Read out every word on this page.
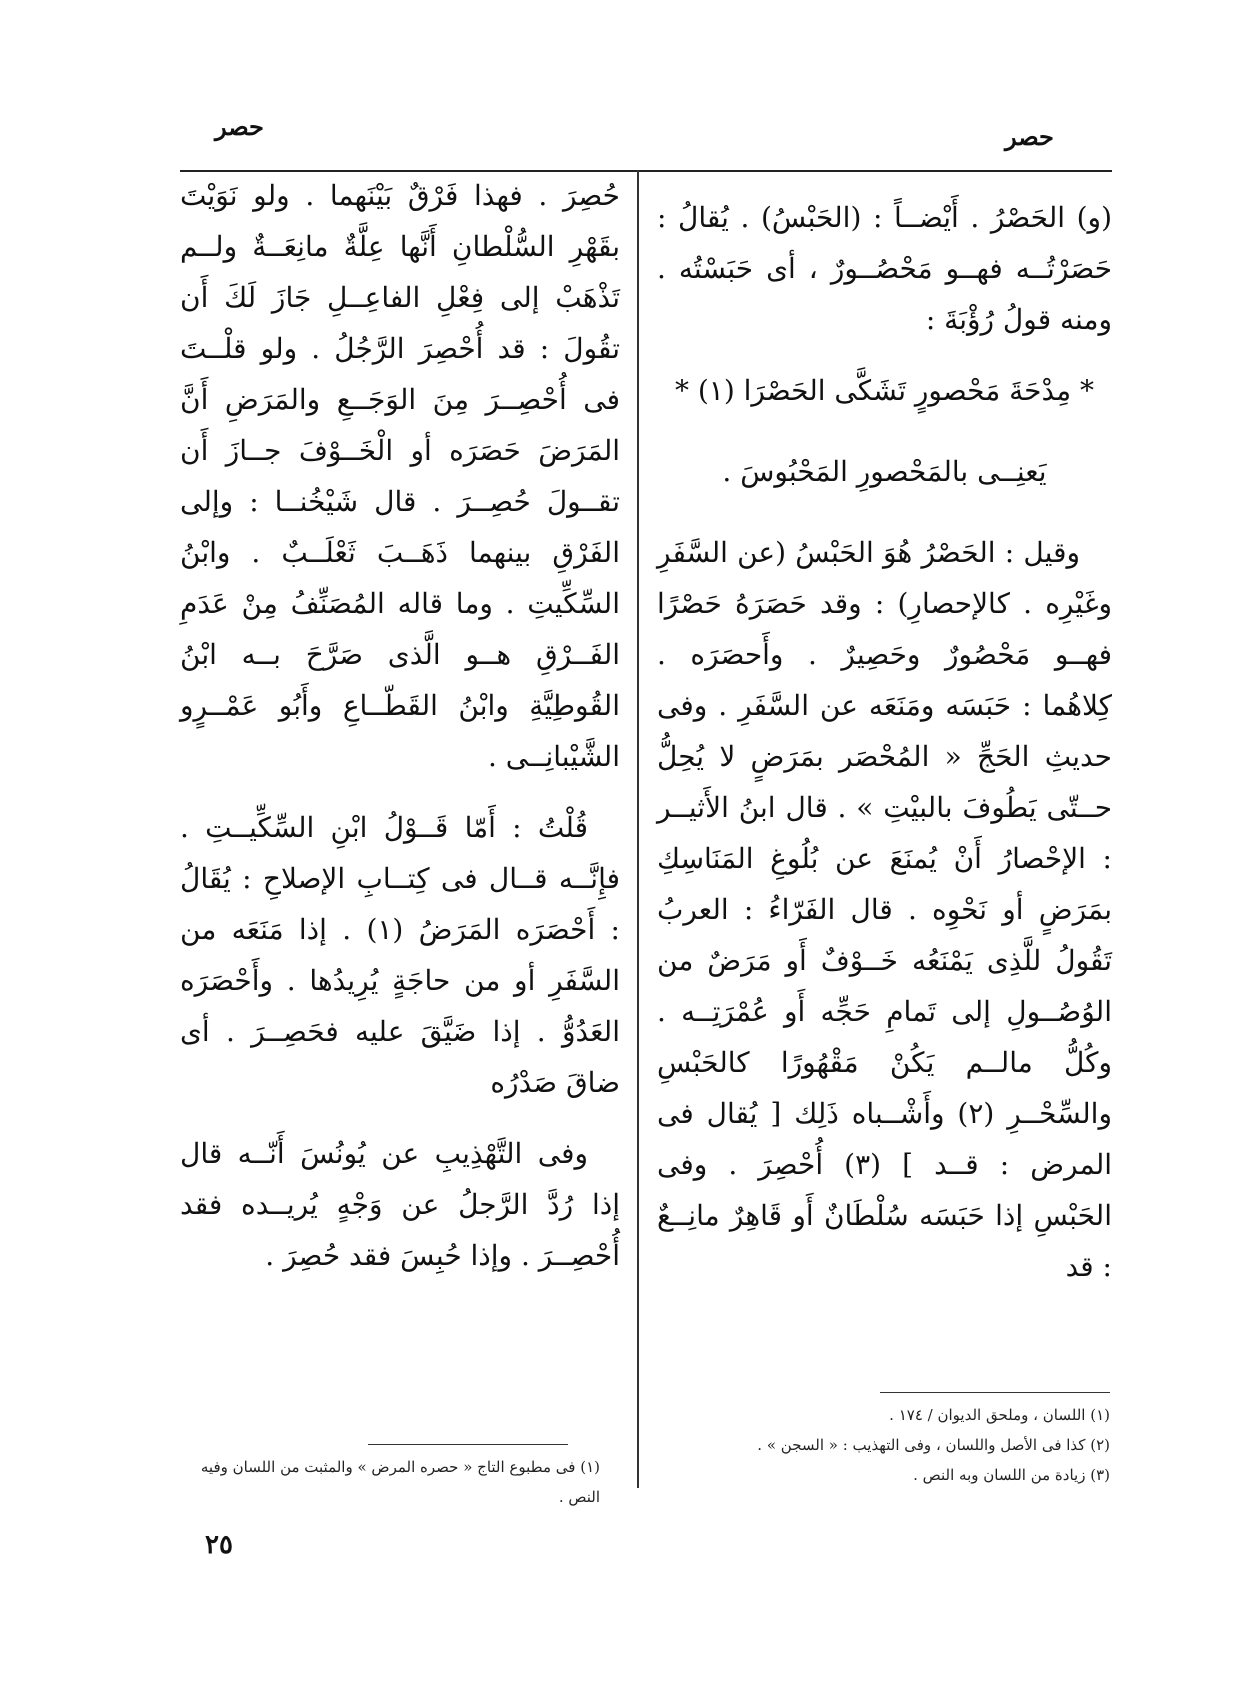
حصر
حصر

(و) الحَصْرُ . أَيْضــاً : (الحَبْسُ) . يُقالُ : حَصَرْتُــه فهــو مَحْصُــورٌ ، أى حَبَسْتُه . ومنه قولُ رُؤْبَةَ :

* مِدْحَةَ مَحْصورٍ تَشَكَّى الحَصْرَا (١) *
يَعنِــى بالمَحْصورِ المَحْبُوسَ .

وقيل : الحَصْرُ هُوَ الحَبْسُ (عن السَّفَرِ وغَيْرِه . كالإحصارِ) : وقد حَصَرَهُ حَصْرًا فهــو مَحْصُورٌ وحَصِيرٌ . وأَحصَرَه . كِلاهُما : حَبَسَه ومَنَعَه عن السَّفَرِ . وفى حديثِ الحَجِّ « المُحْصَر بمَرَضٍ لا يُحِلُّ حــتّى يَطُوفَ بالبيْتِ » . قال ابنُ الأَثيــر : الإحْصارُ أَنْ يُمنَعَ عن بُلُوغِ المَنَاسِكِ بمَرَضٍ أو نَحْوِه . قال الفَرّاءُ : العربُ تَقُولُ للَّذِى يَمْنَعُه خَــوْفٌ أَو مَرَضٌ من الوُصُــولِ إلى تَمامِ حَجِّه أَو عُمْرَتِــه . وكُلُّ مالــم يَكُنْ مَقْهُورًا كالحَبْسِ والسِّحْــرِ (٢) وأَشْــباه ذَلِك [ يُقال فى المرض : قــد ] (٣) أُحْصِرَ . وفى الحَبْسِ إذا حَبَسَه سُلْطَانٌ أَو قَاهِرٌ مانِــعٌ : قد

حُصِرَ . فهذا فَرْقٌ بَيْنَهما . ولو نَوَيْتَ بقَهْرِ السُّلْطانِ أَنَّها عِلَّةٌ مانِعَــةٌ ولــم تَذْهَبْ إلى فِعْلِ الفاعِــلِ جَازَ لَكَ أَن تقُولَ : قد أُحْصِرَ الرَّجُلُ . ولو قلْــتَ فى أُحْصِــرَ مِنَ الوَجَــعِ والمَرَضِ أَنَّ المَرَضَ حَصَرَه أو الْخَــوْفَ جــازَ أَن تقــولَ حُصِــرَ . قال شَيْخُنــا : وإلى الفَرْقِ بينهما ذَهَــبَ ثَعْلَــبٌ . وابْنُ السِّكِّيتِ . وما قاله المُصَنِّفُ مِنْ عَدَمِ الفَــرْقِ هــو الَّذى صَرَّحَ بــه ابْنُ القُوطِيَّةِ وابْنُ القَطّــاعِ وأَبُو عَمْــرٍو الشَّيْبانِــى .

قُلْتُ : أَمّا قَــوْلُ ابْنِ السِّكِّيــتِ . فإِنَّــه قــال فى كِتــابِ الإصلاحِ : يُقَالُ : أَحْصَرَه المَرَضُ (١) . إذا مَنَعَه من السَّفَرِ أو من حاجَةٍ يُرِيدُها . وأَحْصَرَه العَدُوُّ . إذا ضَيَّقَ عليه فحَصِــرَ . أى ضاقَ صَدْرُه

وفى التَّهْذِيبِ عن يُونُسَ أَنّــه قال إذا رُدَّ الرَّجلُ عن وَجْهٍ يُريــده فقد أُحْصِــرَ . وإذا حُبِسَ فقد حُصِرَ .

(١) اللسان ، وملحق الديوان / ١٧٤ .

(٢) كذا فى الأصل واللسان ، وفى التهذيب : « السجن » .

(٣) زيادة من اللسان وبه النص .

(١) فى مطبوع التاج « حصره المرض » والمثبت من اللسان وفيه النص .

٢٥
